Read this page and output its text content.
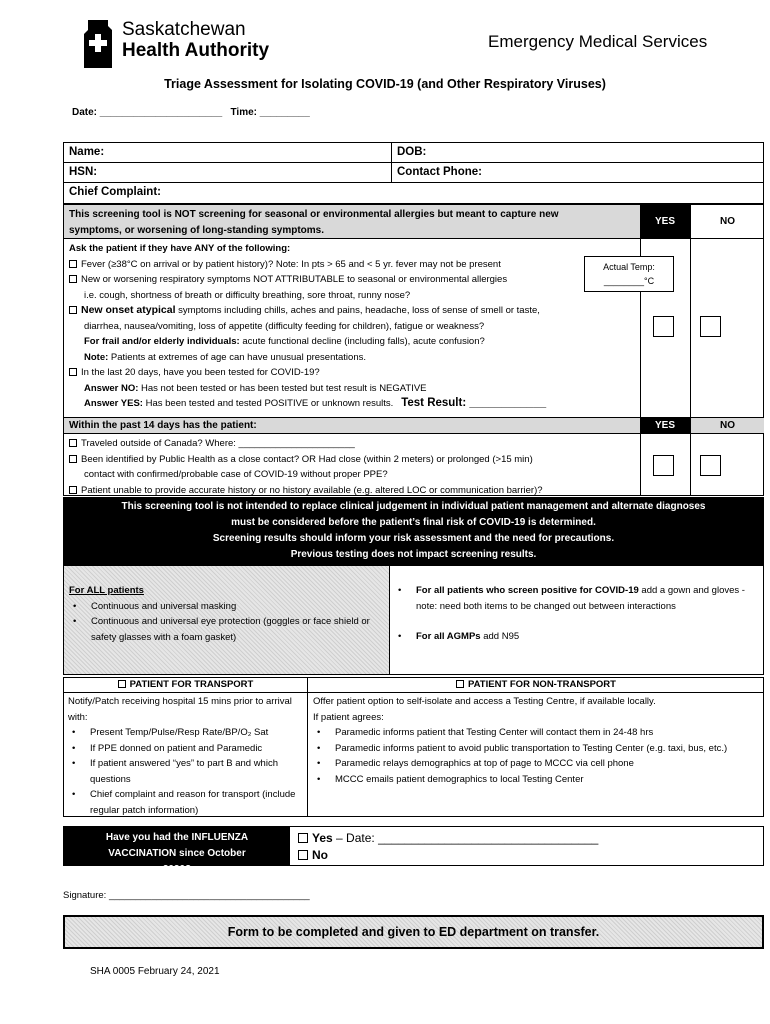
Saskatchewan
Health Authority	Emergency Medical Services
Triage Assessment for Isolating COVID-19 (and Other Respiratory Viruses)
Date: ______________________ Time: _________
Name:	DOB:
HSN:	Contact Phone:
Chief Complaint:
This screening tool is NOT screening for seasonal or environmental allergies but meant to capture new
symptoms, or worsening of long-standing symptoms.
YES	NO
Ask the patient if they have ANY of the following:
Fever (≥38°C on arrival or by patient history)? Note: In pts > 65 and < 5 yr. fever may not be present
New or worsening respiratory symptoms NOT ATTRIBUTABLE to seasonal or environmental allergies
i.e. cough, shortness of breath or difficulty breathing, sore throat, runny nose?
New onset atypical symptoms including chills, aches and pains, headache, loss of sense of smell or taste,
diarrhea, nausea/vomiting, loss of appetite (difficulty feeding for children), fatigue or weakness?
For frail and/or elderly individuals: acute functional decline (including falls), acute confusion?
Note: Patients at extremes of age can have unusual presentations.
In the last 20 days, have you been tested for COVID-19?
Answer NO: Has not been tested or has been tested but test result is NEGATIVE
Answer YES: Has been tested and tested POSITIVE or unknown results. Test Result: ____________
Actual Temp:
________°C
Within the past 14 days has the patient:	YES	NO
Traveled outside of Canada? Where: ______________________
Been identified by Public Health as a close contact? OR Had close (within 2 meters) or prolonged (>15 min)
contact with confirmed/probable case of COVID-19 without proper PPE?
Patient unable to provide accurate history or no history available (e.g. altered LOC or communication barrier)?
This screening tool is not intended to replace clinical judgement in individual patient management and alternate diagnoses
must be considered before the patient’s final risk of COVID-19 is determined.
Screening results should inform your risk assessment and the need for precautions.
Previous testing does not impact screening results.
For ALL patients
• Continuous and universal masking
• Continuous and universal eye protection (goggles or face shield or safety glasses with a foam gasket)
• For all patients who screen positive for COVID-19 add a gown and gloves - note: need both items to be changed out between interactions
• For all AGMPs add N95
PATIENT FOR TRANSPORT	PATIENT FOR NON-TRANSPORT
Notify/Patch receiving hospital 15 mins prior to arrival with:
• Present Temp/Pulse/Resp Rate/BP/O₂ Sat
• If PPE donned on patient and Paramedic
• If patient answered “yes” to part B and which questions
• Chief complaint and reason for transport (include regular patch information)
Offer patient option to self-isolate and access a Testing Centre, if available locally.
If patient agrees:
• Paramedic informs patient that Testing Center will contact them in 24-48 hrs
• Paramedic informs patient to avoid public transportation to Testing Center (e.g. taxi, bus, etc.)
• Paramedic relays demographics at top of page to MCCC via cell phone
• MCCC emails patient demographics to local Testing Center
Have you had the INFLUENZA VACCINATION since October 2020?
Yes – Date: _________________________________
No
Signature: ______________________________________
Form to be completed and given to ED department on transfer.
SHA 0005 February 24, 2021
